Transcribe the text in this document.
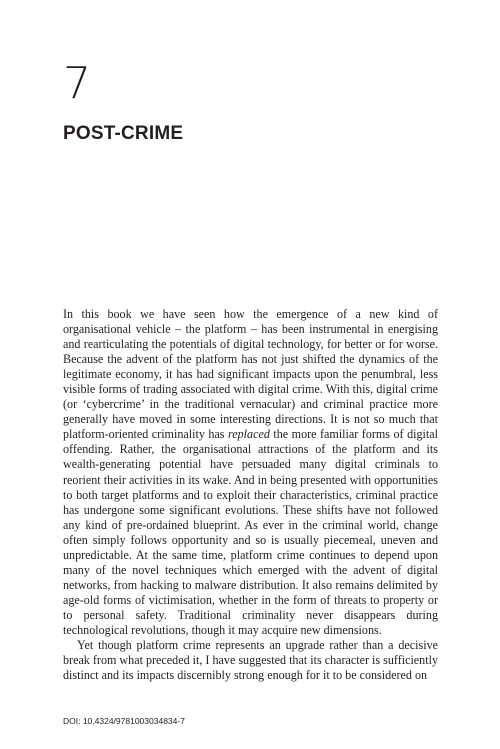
7
POST-CRIME

In this book we have seen how the emergence of a new kind of organisational vehicle – the platform – has been instrumental in energising and rearticulating the potentials of digital technology, for better or for worse. Because the advent of the platform has not just shifted the dynamics of the legitimate economy, it has had significant impacts upon the penumbral, less visible forms of trading associated with digital crime. With this, digital crime (or ‘cybercrime’ in the traditional vernacular) and criminal practice more generally have moved in some interesting directions. It is not so much that platform-oriented criminality has replaced the more familiar forms of digital offending. Rather, the organisational attractions of the platform and its wealth-generating potential have persuaded many digital criminals to reorient their activities in its wake. And in being presented with opportunities to both target platforms and to exploit their characteristics, criminal practice has undergone some significant evolutions. These shifts have not followed any kind of pre-ordained blueprint. As ever in the criminal world, change often simply follows opportunity and so is usually piecemeal, uneven and unpredictable. At the same time, platform crime continues to depend upon many of the novel techniques which emerged with the advent of digital networks, from hacking to malware distribution. It also remains delimited by age-old forms of victimisation, whether in the form of threats to property or to personal safety. Traditional criminality never disappears during technological revolutions, though it may acquire new dimensions.

Yet though platform crime represents an upgrade rather than a decisive break from what preceded it, I have suggested that its character is sufficiently distinct and its impacts discernibly strong enough for it to be considered on

DOI: 10.4324/9781003034834-7
